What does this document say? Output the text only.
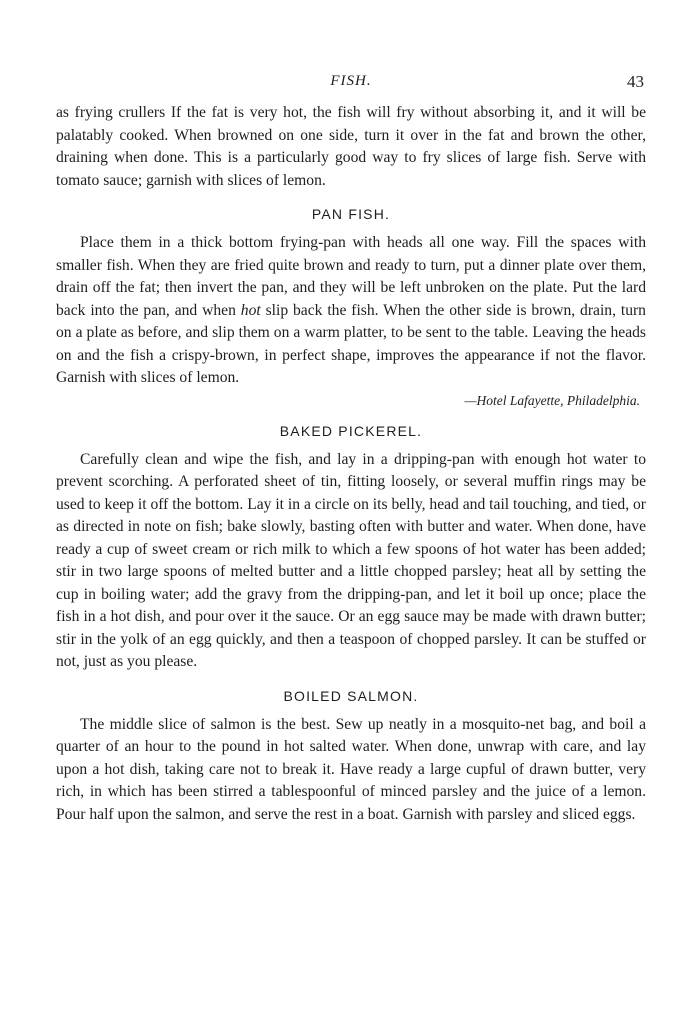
FISH.	43

as frying crullers If the fat is very hot, the fish will fry without absorbing it, and it will be palatably cooked. When browned on one side, turn it over in the fat and brown the other, draining when done. This is a particularly good way to fry slices of large fish. Serve with tomato sauce; garnish with slices of lemon.

PAN FISH.

Place them in a thick bottom frying-pan with heads all one way. Fill the spaces with smaller fish. When they are fried quite brown and ready to turn, put a dinner plate over them, drain off the fat; then invert the pan, and they will be left unbroken on the plate. Put the lard back into the pan, and when hot slip back the fish. When the other side is brown, drain, turn on a plate as before, and slip them on a warm platter, to be sent to the table. Leaving the heads on and the fish a crispy-brown, in perfect shape, improves the appearance if not the flavor. Garnish with slices of lemon.

—Hotel Lafayette, Philadelphia.
BAKED PICKEREL.

Carefully clean and wipe the fish, and lay in a dripping-pan with enough hot water to prevent scorching. A perforated sheet of tin, fitting loosely, or several muffin rings may be used to keep it off the bottom. Lay it in a circle on its belly, head and tail touching, and tied, or as directed in note on fish; bake slowly, basting often with butter and water. When done, have ready a cup of sweet cream or rich milk to which a few spoons of hot water has been added; stir in two large spoons of melted butter and a little chopped parsley; heat all by setting the cup in boiling water; add the gravy from the dripping-pan, and let it boil up once; place the fish in a hot dish, and pour over it the sauce. Or an egg sauce may be made with drawn butter; stir in the yolk of an egg quickly, and then a teaspoon of chopped parsley. It can be stuffed or not, just as you please.

BOILED SALMON.

The middle slice of salmon is the best. Sew up neatly in a mosquito-net bag, and boil a quarter of an hour to the pound in hot salted water. When done, unwrap with care, and lay upon a hot dish, taking care not to break it. Have ready a large cupful of drawn butter, very rich, in which has been stirred a tablespoonful of minced parsley and the juice of a lemon. Pour half upon the salmon, and serve the rest in a boat. Garnish with parsley and sliced eggs.
